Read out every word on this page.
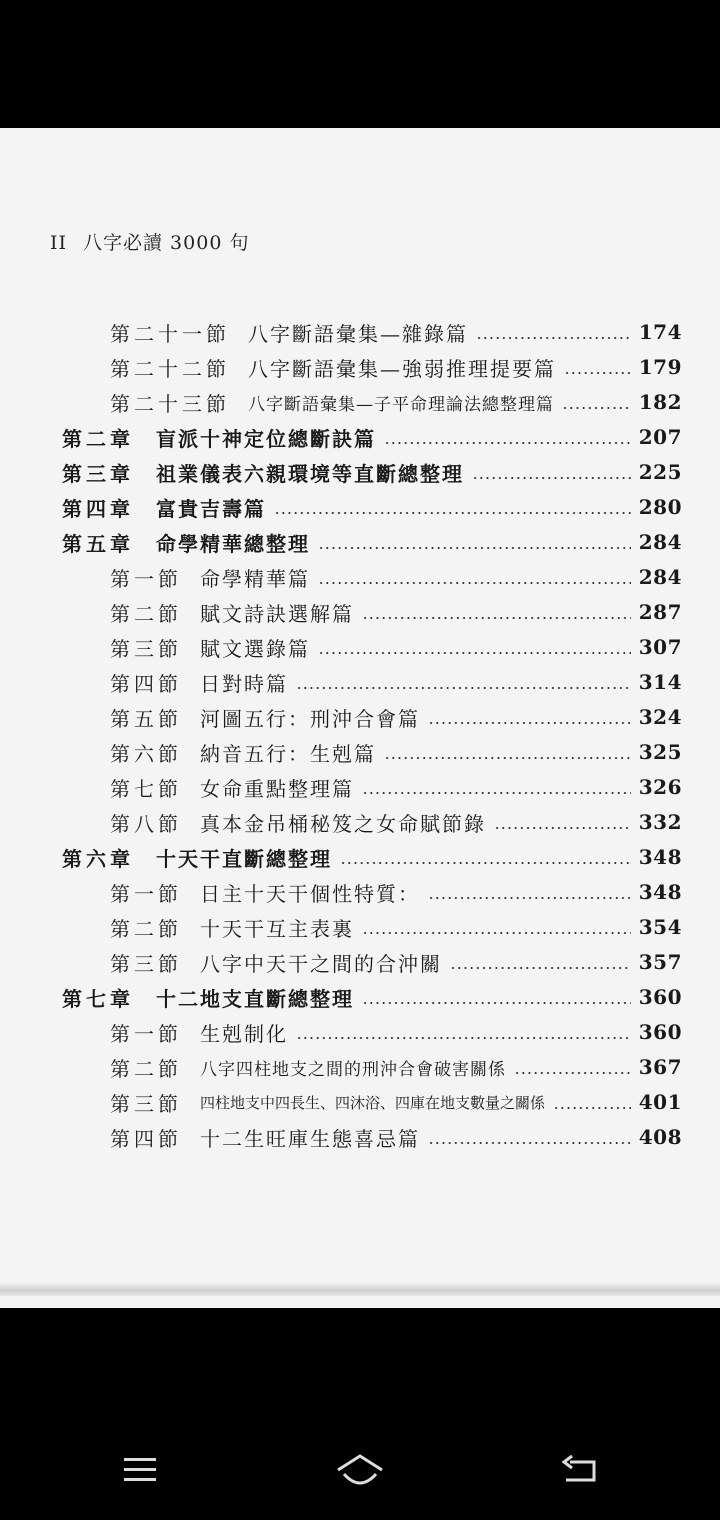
II 八字必讀 3000 句
第二十一節 八字斷語彙集—雜錄篇	174
第二十二節 八字斷語彙集—強弱推理提要篇	179
第二十三節 八字斷語彙集—子平命理論法總整理篇	182
第二章 盲派十神定位總斷訣篇	207
第三章 祖業儀表六親環境等直斷總整理	225
第四章 富貴吉壽篇	280
第五章 命學精華總整理	284
第一節 命學精華篇	284
第二節 賦文詩訣選解篇	287
第三節 賦文選錄篇	307
第四節 日對時篇	314
第五節 河圖五行：刑沖合會篇	324
第六節 納音五行：生剋篇	325
第七節 女命重點整理篇	326
第八節 真本金吊桶秘笈之女命賦節錄	332
第六章 十天干直斷總整理	348
第一節 日主十天干個性特質：	348
第二節 十天干互主表裏	354
第三節 八字中天干之間的合沖關	357
第七章 十二地支直斷總整理	360
第一節 生剋制化	360
第二節 八字四柱地支之間的刑沖合會破害關係	367
第三節 四柱地支中四長生、四沐浴、四庫在地支數量之關係	401
第四節 十二生旺庫生態喜忌篇	408
